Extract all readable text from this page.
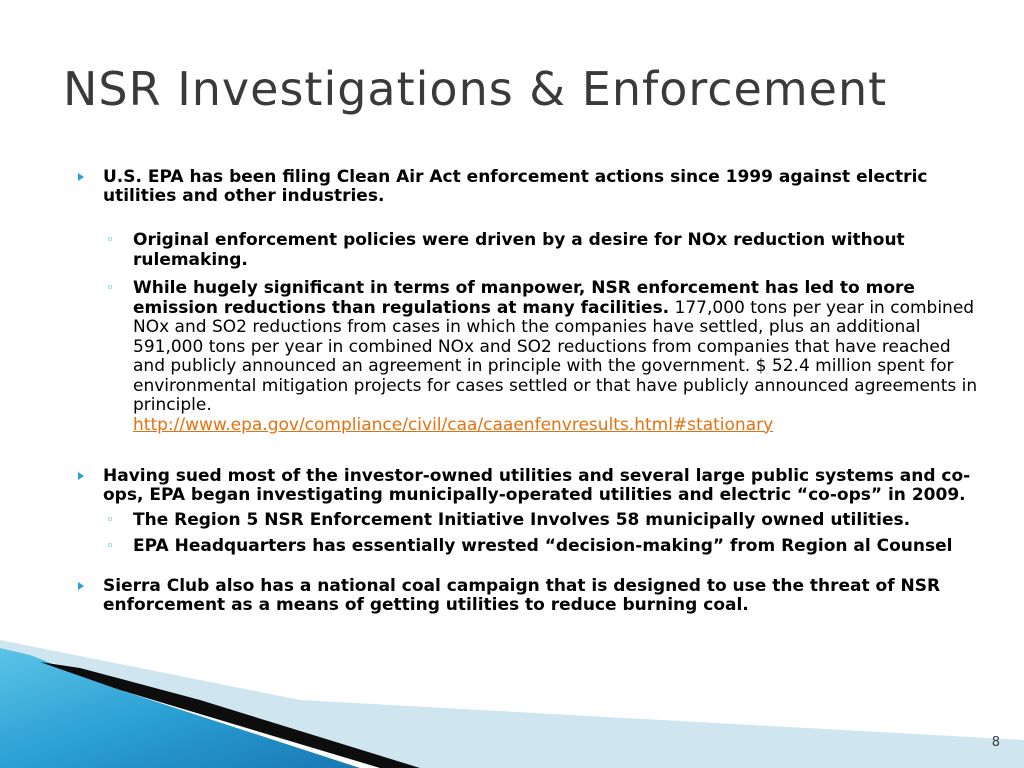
NSR Investigations & Enforcement
U.S. EPA has been filing Clean Air Act enforcement actions since 1999 against electric utilities and other industries.
◦ Original enforcement policies were driven by a desire for NOx reduction without rulemaking.
◦ While hugely significant in terms of manpower, NSR enforcement has led to more emission reductions than regulations at many facilities. 177,000 tons per year in combined NOx and SO2 reductions from cases in which the companies have settled, plus an additional 591,000 tons per year in combined NOx and SO2 reductions from companies that have reached and publicly announced an agreement in principle with the government. $ 52.4 million spent for environmental mitigation projects for cases settled or that have publicly announced agreements in principle.
http://www.epa.gov/compliance/civil/caa/caaenfenvresults.html#stationary
Having sued most of the investor-owned utilities and several large public systems and co-ops, EPA began investigating municipally-operated utilities and electric “co-ops” in 2009.
◦ The Region 5 NSR Enforcement Initiative Involves 58 municipally owned utilities.
◦ EPA Headquarters has essentially wrested “decision-making” from Region al Counsel
Sierra Club also has a national coal campaign that is designed to use the threat of NSR enforcement as a means of getting utilities to reduce burning coal.
8
